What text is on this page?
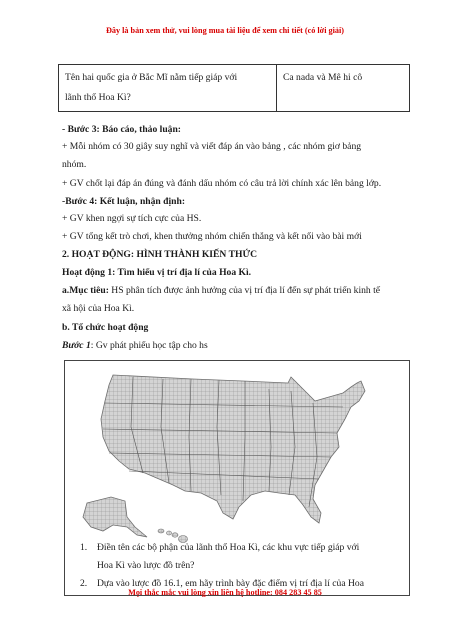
Đây là bản xem thử, vui lòng mua tài liệu để xem chi tiết (có lời giải)
Tên hai quốc gia ở Bắc Mĩ nằm tiếp giáp với
lãnh thổ Hoa Kì?
	Ca nada và Mê hi cô
- Bước 3: Báo cáo, thảo luận:
+ Mỗi nhóm có 30 giây suy nghĩ và viết đáp án vào bảng , các nhóm giơ bảng
nhóm.
+ GV chốt lại đáp án đúng và đánh dấu nhóm có câu trả lời chính xác lên bảng lớp.
-Bước 4: Kết luận, nhận định:
+ GV khen ngợi sự tích cực của HS.
+ GV tổng kết trò chơi, khen thưởng nhóm chiến thắng và kết nối vào bài mới
2. HOẠT ĐỘNG: HÌNH THÀNH KIẾN THỨC
Hoạt động 1: Tìm hiểu vị trí địa lí của Hoa Kì.
a.Mục tiêu: HS phân tích được ảnh hưởng của vị trí địa lí đến sự phát triển kinh tế
xã hội của Hoa Kì.
b. Tổ chức hoạt động
Bước 1: Gv phát phiếu học tập cho hs
1. Điền tên các bộ phận của lãnh thổ Hoa Kì, các khu vực tiếp giáp với
Hoa Kì vào lược đồ trên?
2. Dựa vào lược đồ 16.1, em hãy trình bày đặc điểm vị trí địa lí của Hoa
Mọi thắc mắc vui lòng xin liên hệ hotline: 084 283 45 85
